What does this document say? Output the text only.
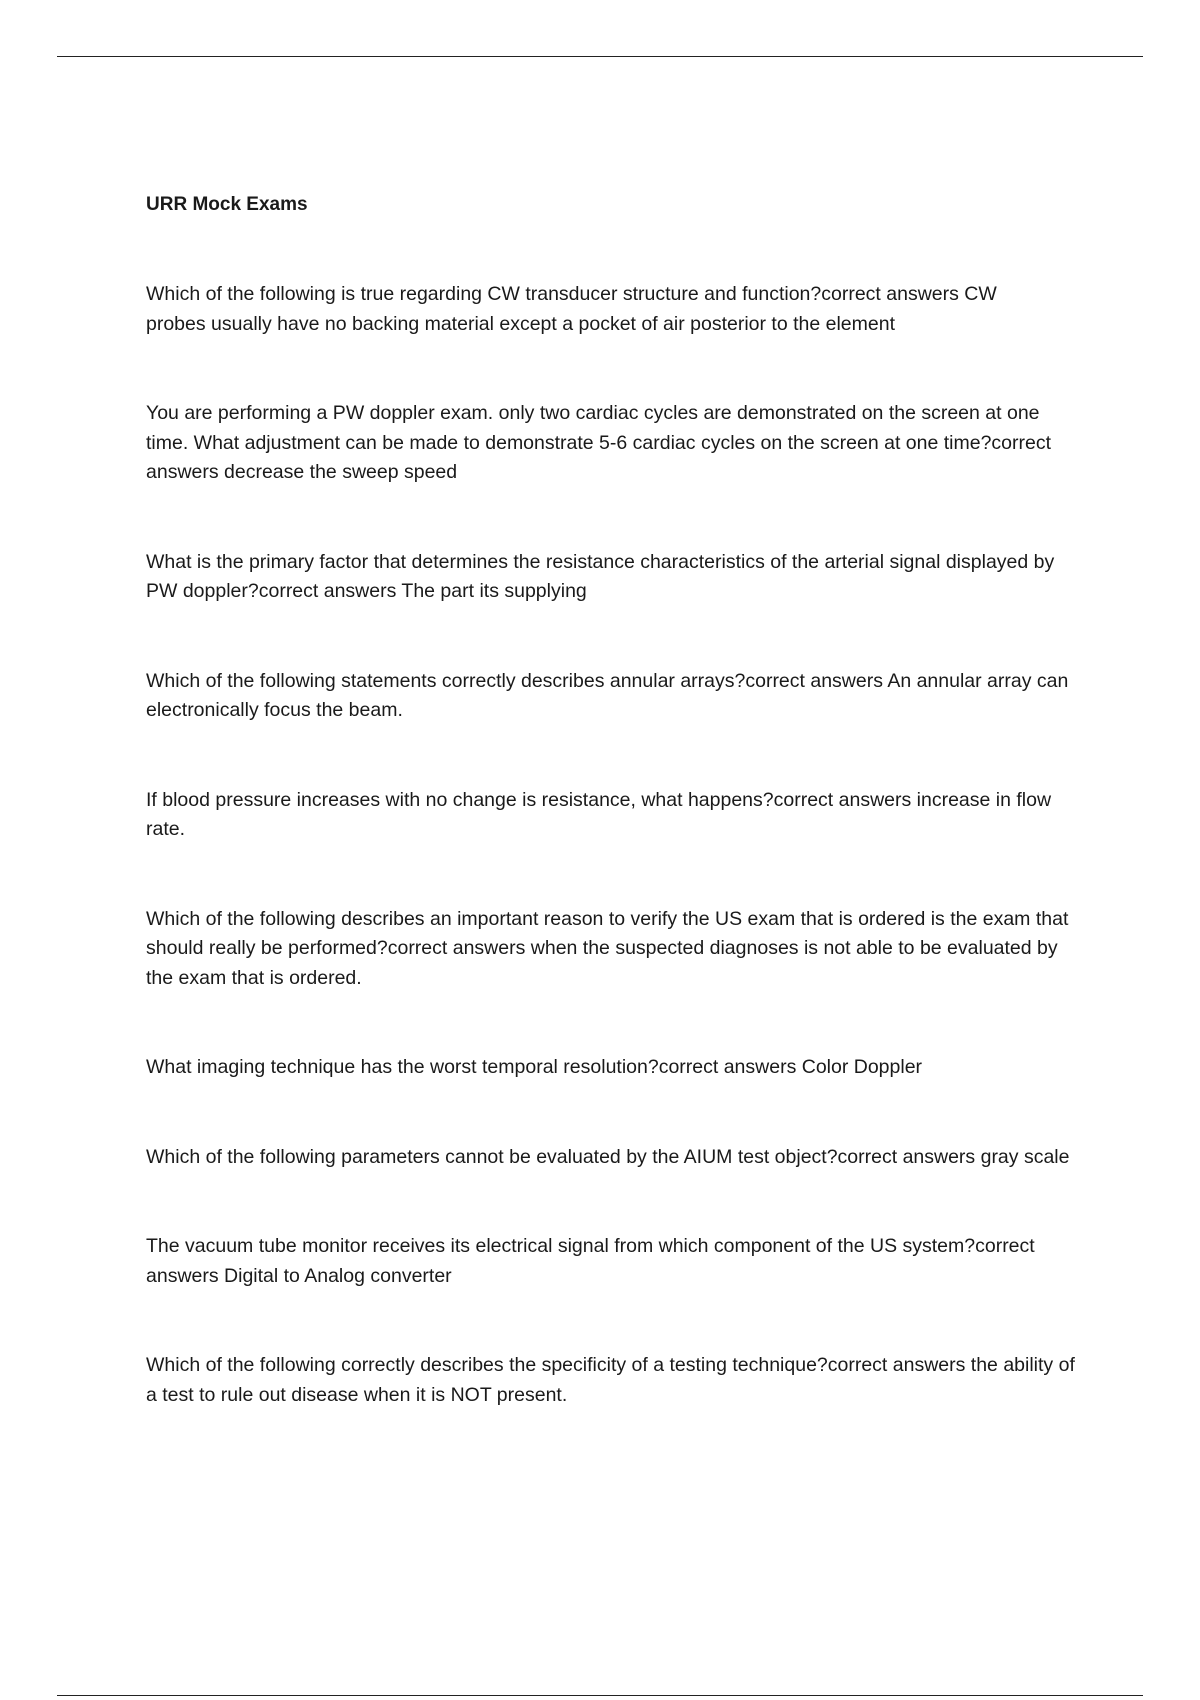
URR Mock Exams
Which of the following is true regarding CW transducer structure and function?correct answers CW probes usually have no backing material except a pocket of air posterior to the element
You are performing a PW doppler exam. only two cardiac cycles are demonstrated on the screen at one time. What adjustment can be made to demonstrate 5-6 cardiac cycles on the screen at one time?correct answers decrease the sweep speed
What is the primary factor that determines the resistance characteristics of the arterial signal displayed by PW doppler?correct answers The part its supplying
Which of the following statements correctly describes annular arrays?correct answers An annular array can electronically focus the beam.
If blood pressure increases with no change is resistance, what happens?correct answers increase in flow rate.
Which of the following describes an important reason to verify the US exam that is ordered is the exam that should really be performed?correct answers when the suspected diagnoses is not able to be evaluated by the exam that is ordered.
What imaging technique has the worst temporal resolution?correct answers Color Doppler
Which of the following parameters cannot be evaluated by the AIUM test object?correct answers gray scale
The vacuum tube monitor receives its electrical signal from which component of the US system?correct answers Digital to Analog converter
Which of the following correctly describes the specificity of a testing technique?correct answers the ability of a test to rule out disease when it is NOT present.
